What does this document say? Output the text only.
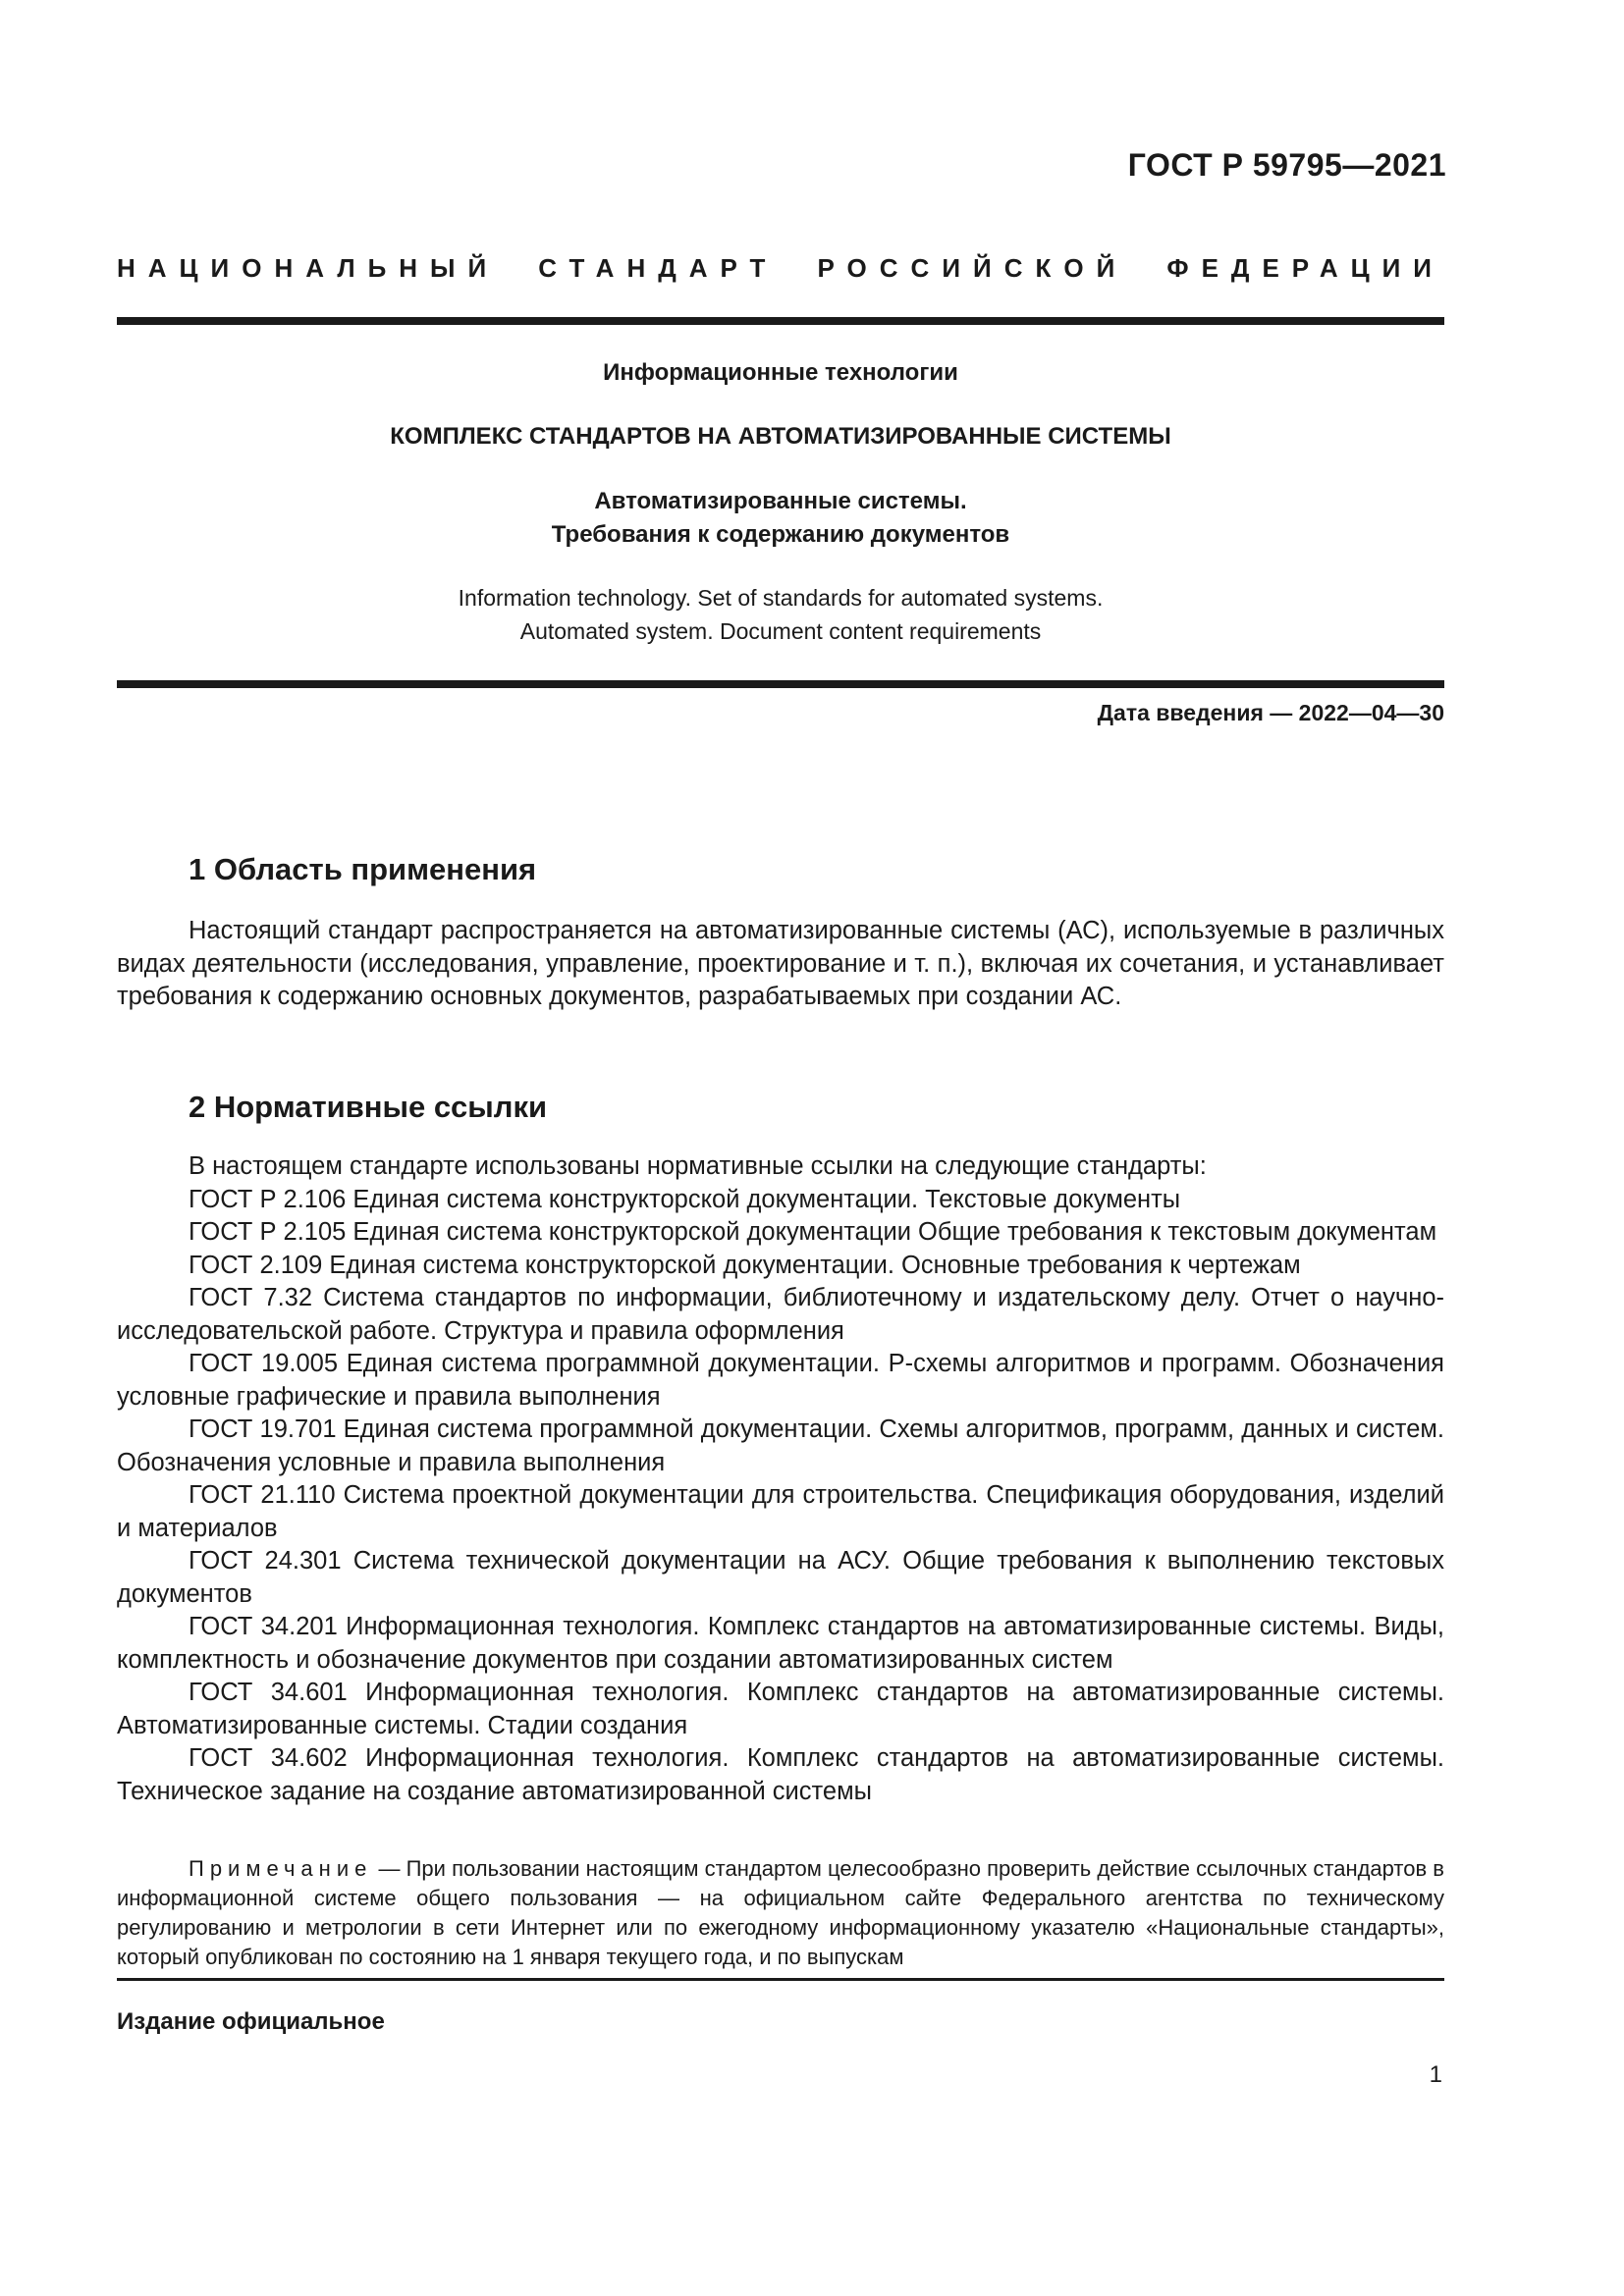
ГОСТ Р 59795—2021
НАЦИОНАЛЬНЫЙ СТАНДАРТ РОССИЙСКОЙ ФЕДЕРАЦИИ
Информационные технологии
КОМПЛЕКС СТАНДАРТОВ НА АВТОМАТИЗИРОВАННЫЕ СИСТЕМЫ
Автоматизированные системы.
Требования к содержанию документов
Information technology. Set of standards for automated systems.
Automated system. Document content requirements
Дата введения — 2022—04—30
1 Область применения

Настоящий стандарт распространяется на автоматизированные системы (АС), используемые в различных видах деятельности (исследования, управление, проектирование и т. п.), включая их сочетания, и устанавливает требования к содержанию основных документов, разрабатываемых при создании АС.

2 Нормативные ссылки

В настоящем стандарте использованы нормативные ссылки на следующие стандарты:

ГОСТ Р 2.106 Единая система конструкторской документации. Текстовые документы

ГОСТ Р 2.105 Единая система конструкторской документации Общие требования к текстовым документам

ГОСТ 2.109 Единая система конструкторской документации. Основные требования к чертежам

ГОСТ 7.32 Система стандартов по информации, библиотечному и издательскому делу. Отчет о научно-исследовательской работе. Структура и правила оформления

ГОСТ 19.005 Единая система программной документации. Р-схемы алгоритмов и программ. Обозначения условные графические и правила выполнения

ГОСТ 19.701 Единая система программной документации. Схемы алгоритмов, программ, данных и систем. Обозначения условные и правила выполнения

ГОСТ 21.110 Система проектной документации для строительства. Спецификация оборудования, изделий и материалов

ГОСТ 24.301 Система технической документации на АСУ. Общие требования к выполнению текстовых документов

ГОСТ 34.201 Информационная технология. Комплекс стандартов на автоматизированные системы. Виды, комплектность и обозначение документов при создании автоматизированных систем

ГОСТ 34.601 Информационная технология. Комплекс стандартов на автоматизированные системы. Автоматизированные системы. Стадии создания

ГОСТ 34.602 Информационная технология. Комплекс стандартов на автоматизированные системы. Техническое задание на создание автоматизированной системы

Примечание — При пользовании настоящим стандартом целесообразно проверить действие ссылочных стандартов в информационной системе общего пользования — на официальном сайте Федерального агентства по техническому регулированию и метрологии в сети Интернет или по ежегодному информационному указателю «Национальные стандарты», который опубликован по состоянию на 1 января текущего года, и по выпускам
Издание официальное
1
